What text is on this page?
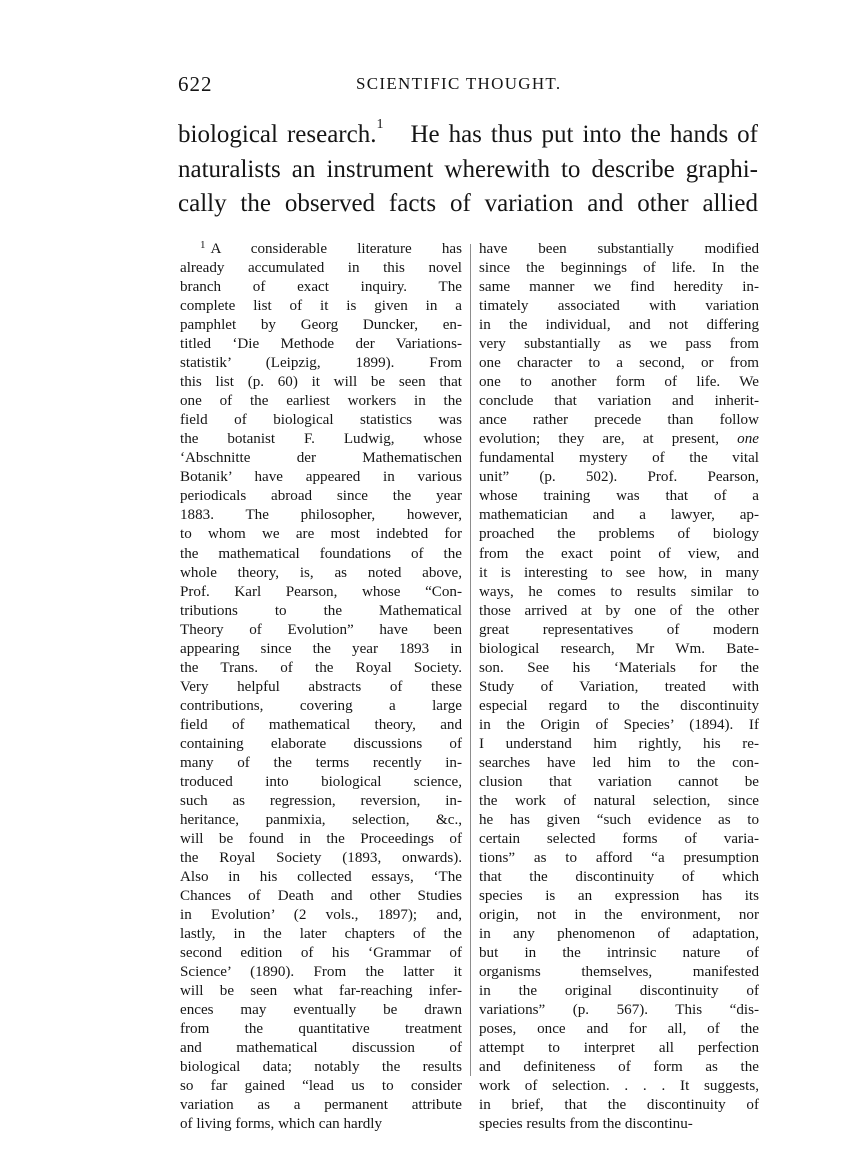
622	SCIENTIFIC THOUGHT.
biological research.$^1$ He has thus put into the hands of
naturalists an instrument wherewith to describe graphi-
cally the observed facts of variation and other allied
$^1$ A considerable literature has
already accumulated in this novel
branch of exact inquiry. The
complete list of it is given in a
pamphlet by Georg Duncker, en-
titled ‘Die Methode der Variations-
statistik’ (Leipzig, 1899). From
this list (p. 60) it will be seen that
one of the earliest workers in the
field of biological statistics was
the botanist F. Ludwig, whose
‘Abschnitte der Mathematischen
Botanik’ have appeared in various
periodicals abroad since the year
1883. The philosopher, however,
to whom we are most indebted for
the mathematical foundations of the
whole theory, is, as noted above,
Prof. Karl Pearson, whose “Con-
tributions to the Mathematical
Theory of Evolution” have been
appearing since the year 1893 in
the Trans. of the Royal Society.
Very helpful abstracts of these
contributions, covering a large
field of mathematical theory, and
containing elaborate discussions of
many of the terms recently in-
troduced into biological science,
such as regression, reversion, in-
heritance, panmixia, selection, &c.,
will be found in the Proceedings of
the Royal Society (1893, onwards).
Also in his collected essays, ‘The
Chances of Death and other Studies
in Evolution’ (2 vols., 1897); and,
lastly, in the later chapters of the
second edition of his ‘Grammar of
Science’ (1890). From the latter it
will be seen what far-reaching infer-
ences may eventually be drawn
from the quantitative treatment
and mathematical discussion of
biological data; notably the results
so far gained “lead us to consider
variation as a permanent attribute
of living forms, which can hardly
have been substantially modified
since the beginnings of life. In the
same manner we find heredity in-
timately associated with variation
in the individual, and not differing
very substantially as we pass from
one character to a second, or from
one to another form of life. We
conclude that variation and inherit-
ance rather precede than follow
evolution; they are, at present, one
fundamental mystery of the vital
unit” (p. 502). Prof. Pearson,
whose training was that of a
mathematician and a lawyer, ap-
proached the problems of biology
from the exact point of view, and
it is interesting to see how, in many
ways, he comes to results similar to
those arrived at by one of the other
great representatives of modern
biological research, Mr Wm. Bate-
son. See his ‘Materials for the
Study of Variation, treated with
especial regard to the discontinuity
in the Origin of Species’ (1894). If
I understand him rightly, his re-
searches have led him to the con-
clusion that variation cannot be
the work of natural selection, since
he has given “such evidence as to
certain selected forms of varia-
tions” as to afford “a presumption
that the discontinuity of which
species is an expression has its
origin, not in the environment, nor
in any phenomenon of adaptation,
but in the intrinsic nature of
organisms themselves, manifested
in the original discontinuity of
variations” (p. 567). This “dis-
poses, once and for all, of the
attempt to interpret all perfection
and definiteness of form as the
work of selection. . . . It suggests,
in brief, that the discontinuity of
species results from the discontinu-
